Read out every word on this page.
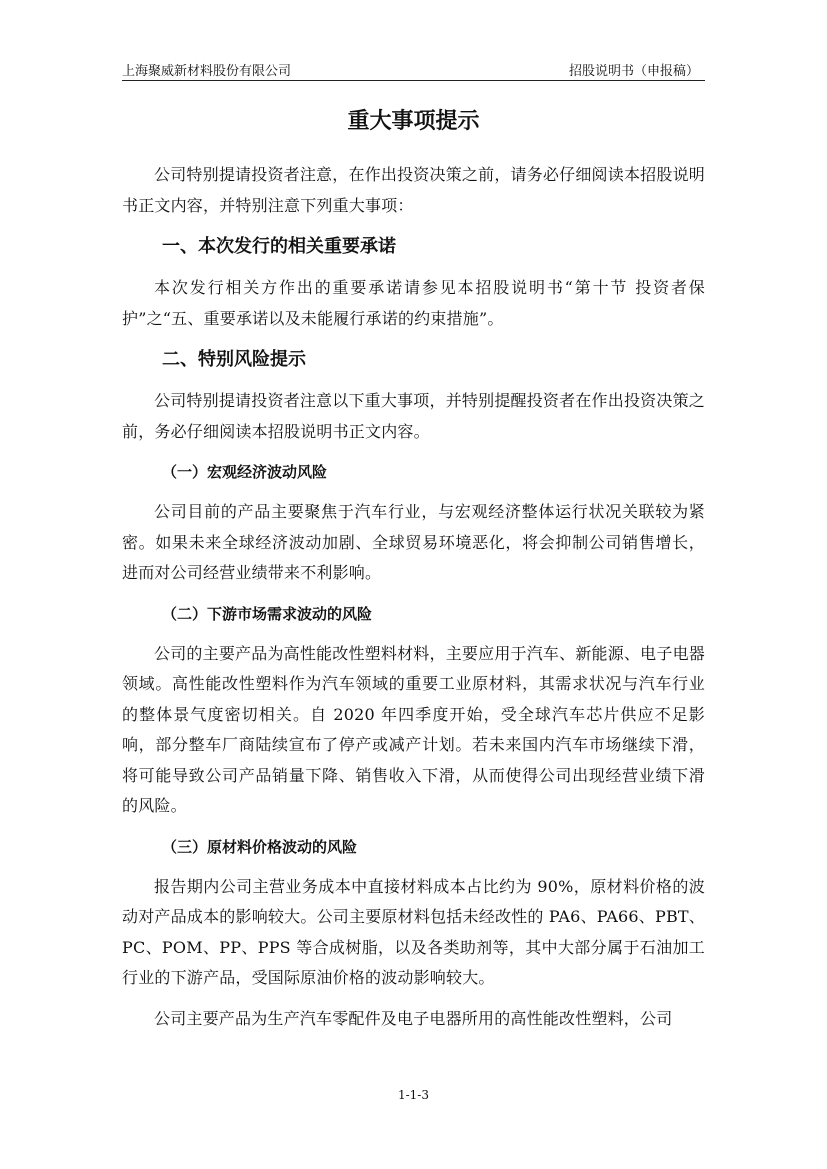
上海聚威新材料股份有限公司	招股说明书（申报稿）
重大事项提示

公司特别提请投资者注意，在作出投资决策之前，请务必仔细阅读本招股说明书正文内容，并特别注意下列重大事项：

一、本次发行的相关重要承诺

本次发行相关方作出的重要承诺请参见本招股说明书“第十节 投资者保护”之“五、重要承诺以及未能履行承诺的约束措施”。

二、特别风险提示

公司特别提请投资者注意以下重大事项，并特别提醒投资者在作出投资决策之前，务必仔细阅读本招股说明书正文内容。

（一）宏观经济波动风险

公司目前的产品主要聚焦于汽车行业，与宏观经济整体运行状况关联较为紧密。如果未来全球经济波动加剧、全球贸易环境恶化，将会抑制公司销售增长，进而对公司经营业绩带来不利影响。

（二）下游市场需求波动的风险

公司的主要产品为高性能改性塑料材料，主要应用于汽车、新能源、电子电器领域。高性能改性塑料作为汽车领域的重要工业原材料，其需求状况与汽车行业的整体景气度密切相关。自 2020 年四季度开始，受全球汽车芯片供应不足影响，部分整车厂商陆续宣布了停产或减产计划。若未来国内汽车市场继续下滑，将可能导致公司产品销量下降、销售收入下滑，从而使得公司出现经营业绩下滑的风险。

（三）原材料价格波动的风险

报告期内公司主营业务成本中直接材料成本占比约为 90%，原材料价格的波动对产品成本的影响较大。公司主要原材料包括未经改性的 PA6、PA66、PBT、PC、POM、PP、PPS 等合成树脂，以及各类助剂等，其中大部分属于石油加工行业的下游产品，受国际原油价格的波动影响较大。

公司主要产品为生产汽车零配件及电子电器所用的高性能改性塑料，公司

1-1-3
